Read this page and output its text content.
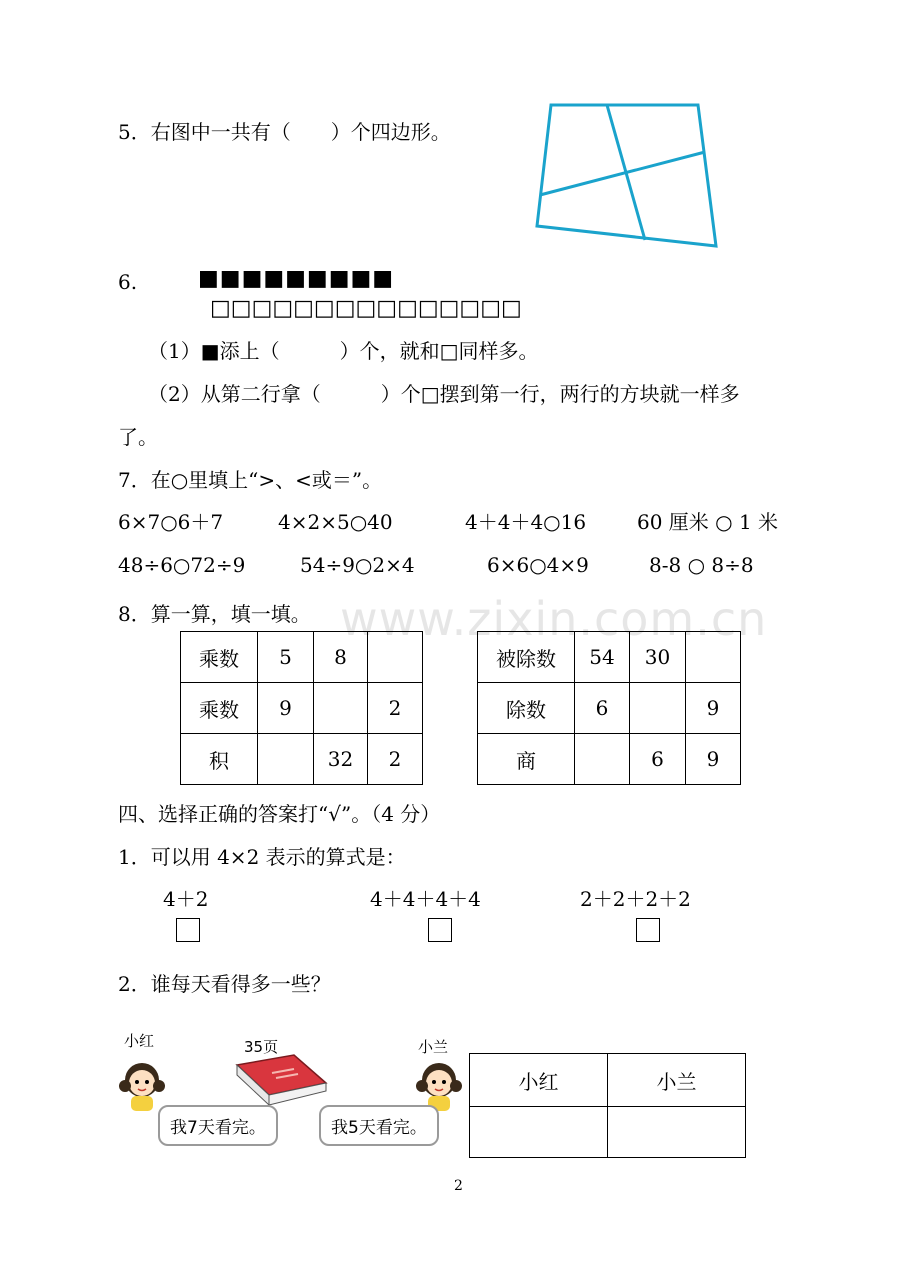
www.zixin.com.cn
5．右图中一共有（　　）个四边形。
6.	■■■■■■■■■
□□□□□□□□□□□□□□□
（1）■添上（　　　）个，就和□同样多。
（2）从第二行拿（　　　）个□摆到第一行，两行的方块就一样多
了。
7．在○里填上“>、<或＝”。
6×7○6＋7	4×2×5○40	4＋4＋4○16	60 厘米 ○ 1 米
48÷6○72÷9	54÷9○2×4	6×6○4×9	8-8 ○ 8÷8
8．算一算，填一填。
乘数	5	8	
乘数	9		2
积		32	2
被除数	54	30	
除数	6		9
商		6	9
四、选择正确的答案打“√”。（4 分）
1．可以用 4×2 表示的算式是：
4＋2	4＋4＋4＋4	2＋2＋2＋2
2．谁每天看得多一些？
小红	35页	小兰
我7天看完。	我5天看完。
小红	小兰

2
